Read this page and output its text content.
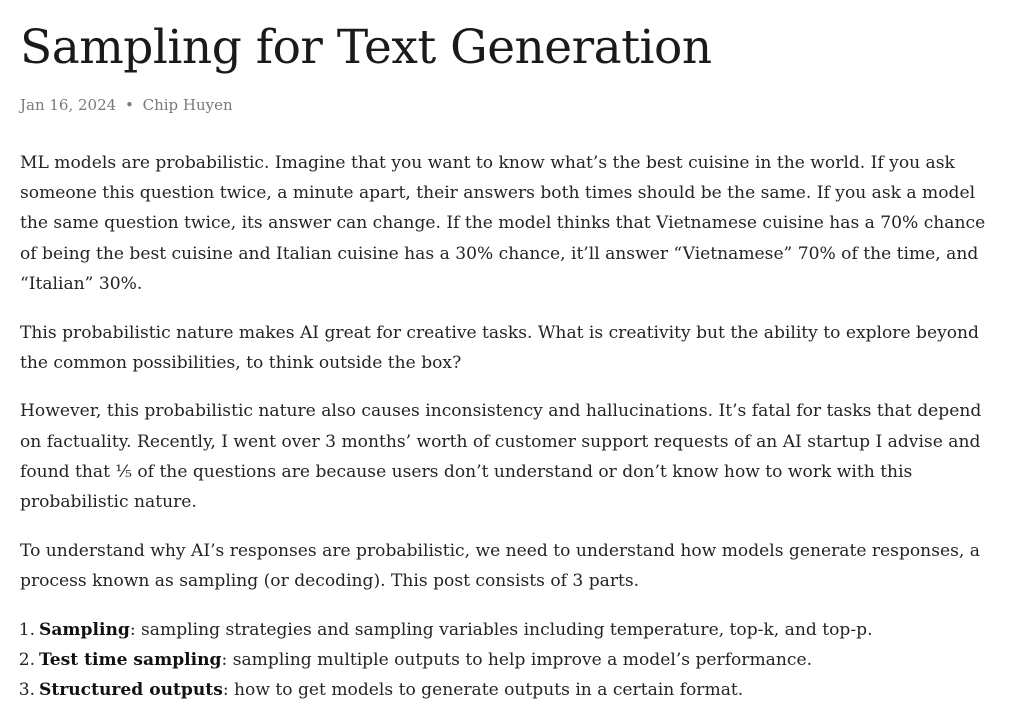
Sampling for Text Generation
Jan 16, 2024 • Chip Huyen

ML models are probabilistic. Imagine that you want to know what’s the best cuisine in the world. If you ask someone this question twice, a minute apart, their answers both times should be the same. If you ask a model the same question twice, its answer can change. If the model thinks that Vietnamese cuisine has a 70% chance of being the best cuisine and Italian cuisine has a 30% chance, it’ll answer “Vietnamese” 70% of the time, and “Italian” 30%.

This probabilistic nature makes AI great for creative tasks. What is creativity but the ability to explore beyond the common possibilities, to think outside the box?

However, this probabilistic nature also causes inconsistency and hallucinations. It’s fatal for tasks that depend on factuality. Recently, I went over 3 months’ worth of customer support requests of an AI startup I advise and found that ⅕ of the questions are because users don’t understand or don’t know how to work with this probabilistic nature.

To understand why AI’s responses are probabilistic, we need to understand how models generate responses, a process known as sampling (or decoding). This post consists of 3 parts.

1. Sampling: sampling strategies and sampling variables including temperature, top-k, and top-p.
2. Test time sampling: sampling multiple outputs to help improve a model’s performance.
3. Structured outputs: how to get models to generate outputs in a certain format.
